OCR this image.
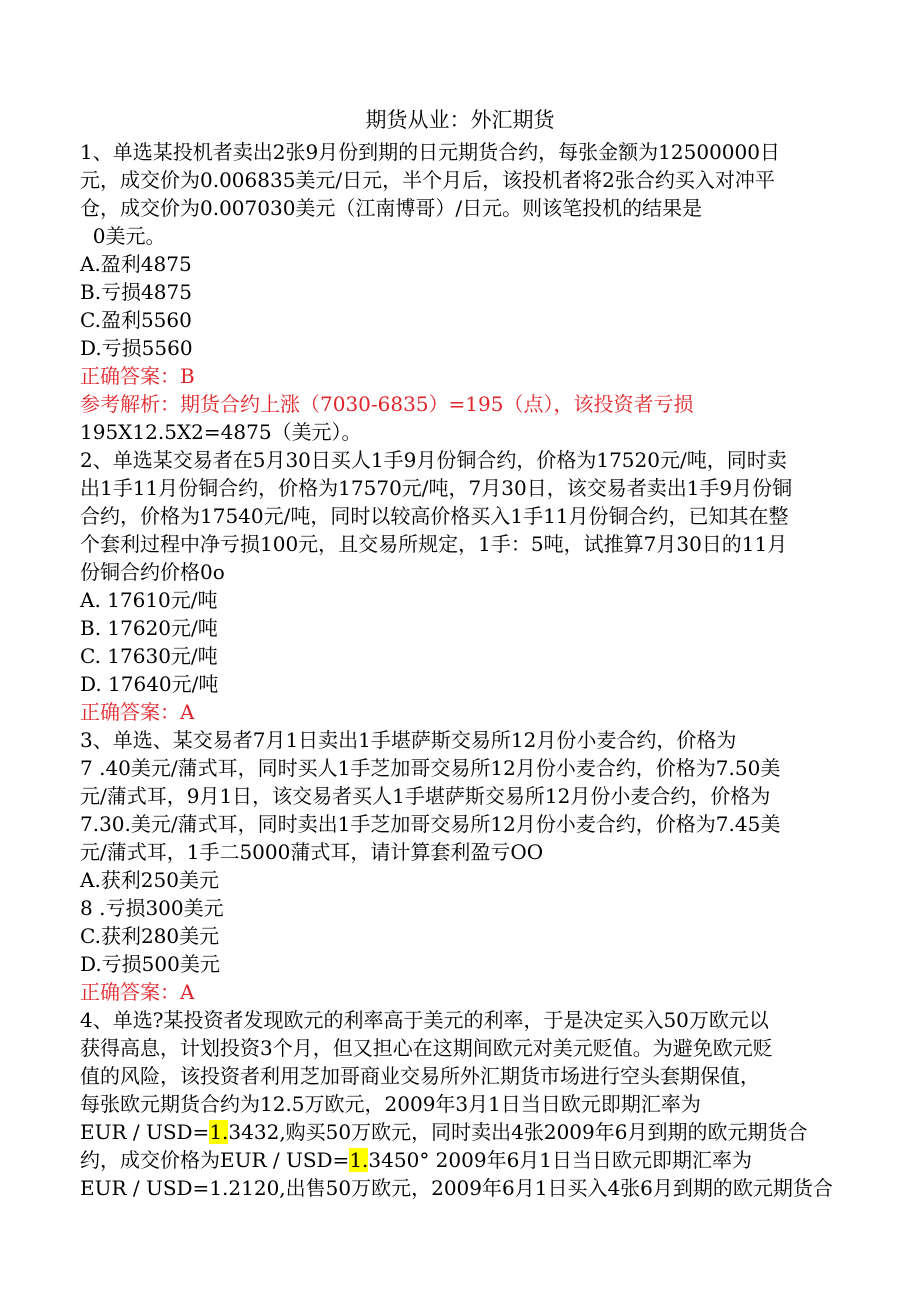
期货从业：外汇期货
1、单选某投机者卖出2张9月份到期的日元期货合约，每张金额为12500000日
元，成交价为0.006835美元/日元，半个月后，该投机者将2张合约买入对冲平
仓，成交价为0.007030美元（江南博哥）/日元。则该笔投机的结果是
0美元。
A.盈利4875
B.亏损4875
C.盈利5560
D.亏损5560
正确答案：B
参考解析：期货合约上涨（7030-6835）=195（点），该投资者亏损
195X12.5X2=4875（美元）。
2、单选某交易者在5月30日买人1手9月份铜合约，价格为17520元/吨，同时卖
出1手11月份铜合约，价格为17570元/吨，7月30日，该交易者卖出1手9月份铜
合约，价格为17540元/吨，同时以较高价格买入1手11月份铜合约，已知其在整
个套利过程中净亏损100元，且交易所规定，1手：5吨，试推算7月30日的11月
份铜合约价格0o
A. 17610元/吨
B. 17620元/吨
C. 17630元/吨
D. 17640元/吨
正确答案：A
3、单选、某交易者7月1日卖出1手堪萨斯交易所12月份小麦合约，价格为
7 .40美元/蒲式耳，同时买人1手芝加哥交易所12月份小麦合约，价格为7.50美
元/蒲式耳，9月1日，该交易者买人1手堪萨斯交易所12月份小麦合约，价格为
7.30.美元/蒲式耳，同时卖出1手芝加哥交易所12月份小麦合约，价格为7.45美
元/蒲式耳，1手二5000蒲式耳，请计算套利盈亏OO
A.获利250美元
8 .亏损300美元
C.获利280美元
D.亏损500美元
正确答案：A
4、单选?某投资者发现欧元的利率高于美元的利率，于是决定买入50万欧元以
获得高息，计划投资3个月，但又担心在这期间欧元对美元贬值。为避免欧元贬
值的风险，该投资者利用芝加哥商业交易所外汇期货市场进行空头套期保值，
每张欧元期货合约为12.5万欧元，2009年3月1日当日欧元即期汇率为
EUR / USD=1.3432,购买50万欧元，同时卖出4张2009年6月到期的欧元期货合
约，成交价格为EUR / USD=1.3450° 2009年6月1日当日欧元即期汇率为
EUR / USD=1.2120,出售50万欧元，2009年6月1日买入4张6月到期的欧元期货合
